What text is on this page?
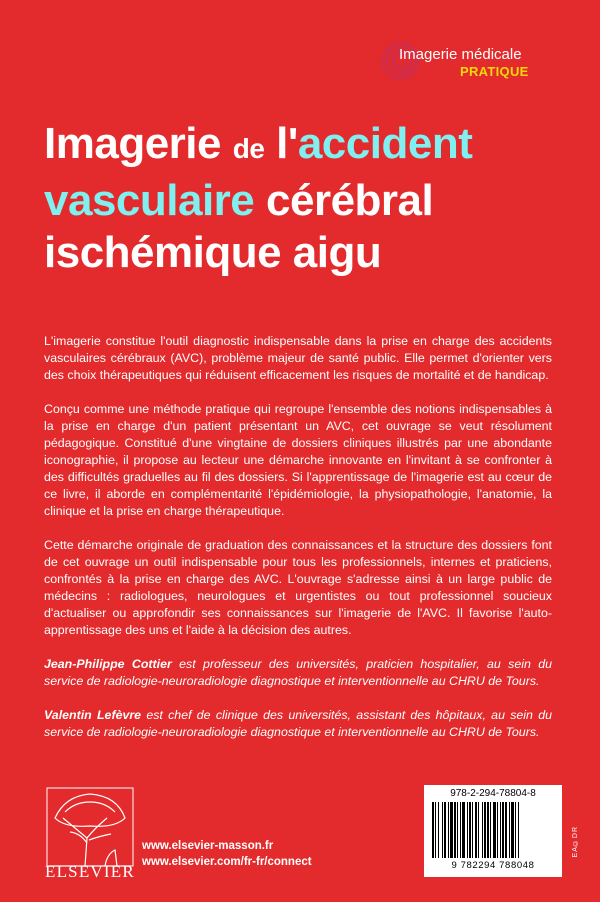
Imagerie médicale
PRATIQUE
Imagerie de l'accident
vasculaire cérébral
ischémique aigu

L'imagerie constitue l'outil diagnostic indispensable dans la prise en charge des accidents vasculaires cérébraux (AVC), problème majeur de santé public. Elle permet d'orienter vers des choix thérapeutiques qui réduisent efficacement les risques de mortalité et de handicap.

Conçu comme une méthode pratique qui regroupe l'ensemble des notions indispensables à la prise en charge d'un patient présentant un AVC, cet ouvrage se veut résolument pédagogique. Constitué d'une vingtaine de dossiers cliniques illustrés par une abondante iconographie, il propose au lecteur une démarche innovante en l'invitant à se confronter à des difficultés graduelles au fil des dossiers. Si l'apprentissage de l'imagerie est au cœur de ce livre, il aborde en complémentarité l'épidémiologie, la physiopathologie, l'anatomie, la clinique et la prise en charge thérapeutique.

Cette démarche originale de graduation des connaissances et la structure des dossiers font de cet ouvrage un outil indispensable pour tous les professionnels, internes et praticiens, confrontés à la prise en charge des AVC. L'ouvrage s'adresse ainsi à un large public de médecins : radiologues, neurologues et urgentistes ou tout professionnel soucieux d'actualiser ou approfondir ses connaissances sur l'imagerie de l'AVC. Il favorise l'auto-apprentissage des uns et l'aide à la décision des autres.

Jean-Philippe Cottier est professeur des universités, praticien hospitalier, au sein du service de radiologie-neuroradiologie diagnostique et interventionnelle au CHRU de Tours.

Valentin Lefèvre est chef de clinique des universités, assistant des hôpitaux, au sein du service de radiologie-neuroradiologie diagnostique et interventionnelle au CHRU de Tours.

ELSEVIER
www.elsevier-masson.fr
www.elsevier.com/fr-fr/connect
978-2-294-78804-8
9 782294 788048
EA©DR
